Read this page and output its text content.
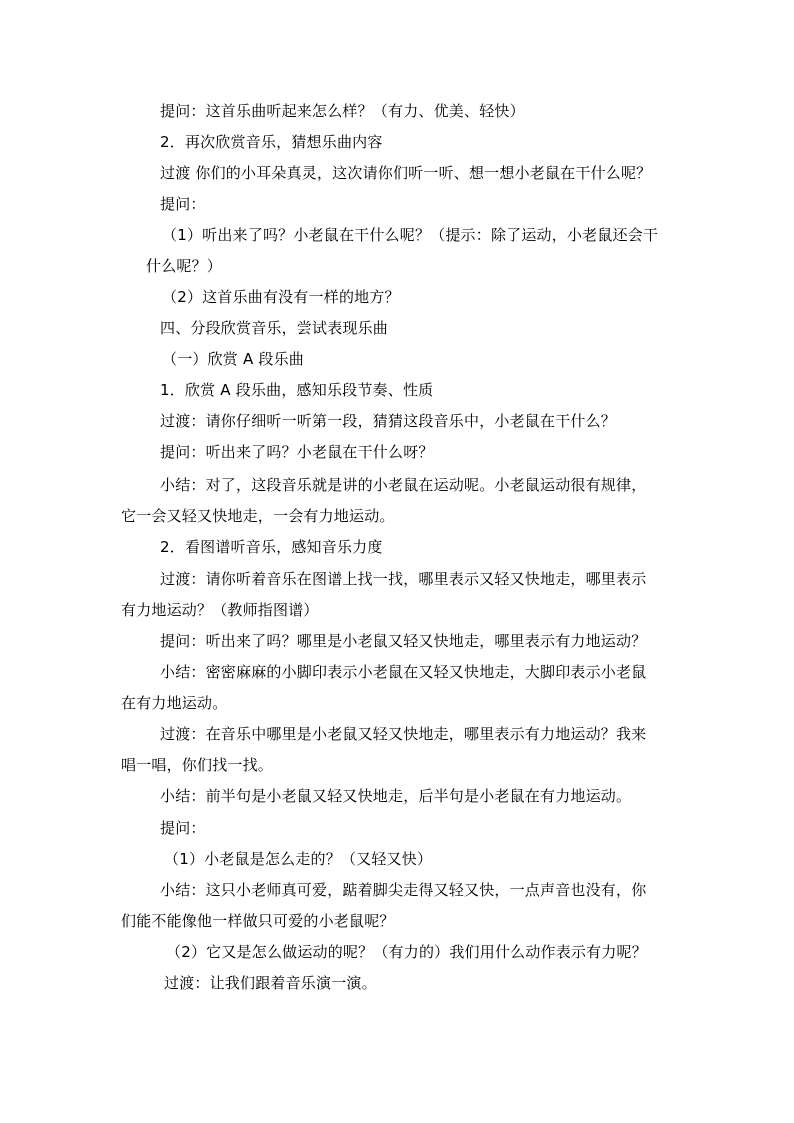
提问：这首乐曲听起来怎么样？（有力、优美、轻快）
2．再次欣赏音乐，猜想乐曲内容
过渡 你们的小耳朵真灵，这次请你们听一听、想一想小老鼠在干什么呢？
提问：
（1）听出来了吗？小老鼠在干什么呢？（提示：除了运动，小老鼠还会干
什么呢？）
（2）这首乐曲有没有一样的地方？
四、分段欣赏音乐，尝试表现乐曲
（一）欣赏 A 段乐曲
1．欣赏 A 段乐曲，感知乐段节奏、性质
过渡：请你仔细听一听第一段，猜猜这段音乐中，小老鼠在干什么？
提问：听出来了吗？小老鼠在干什么呀？
小结：对了，这段音乐就是讲的小老鼠在运动呢。小老鼠运动很有规律，
它一会又轻又快地走，一会有力地运动。
2．看图谱听音乐，感知音乐力度
过渡：请你听着音乐在图谱上找一找，哪里表示又轻又快地走，哪里表示
有力地运动？（教师指图谱）
提问：听出来了吗？哪里是小老鼠又轻又快地走，哪里表示有力地运动？
小结：密密麻麻的小脚印表示小老鼠在又轻又快地走，大脚印表示小老鼠
在有力地运动。
过渡：在音乐中哪里是小老鼠又轻又快地走，哪里表示有力地运动？我来
唱一唱，你们找一找。
小结：前半句是小老鼠又轻又快地走，后半句是小老鼠在有力地运动。
提问：
（1）小老鼠是怎么走的？（又轻又快）
小结：这只小老师真可爱，踮着脚尖走得又轻又快，一点声音也没有，你
们能不能像他一样做只可爱的小老鼠呢？
（2）它又是怎么做运动的呢？（有力的）我们用什么动作表示有力呢？
过渡：让我们跟着音乐演一演。
